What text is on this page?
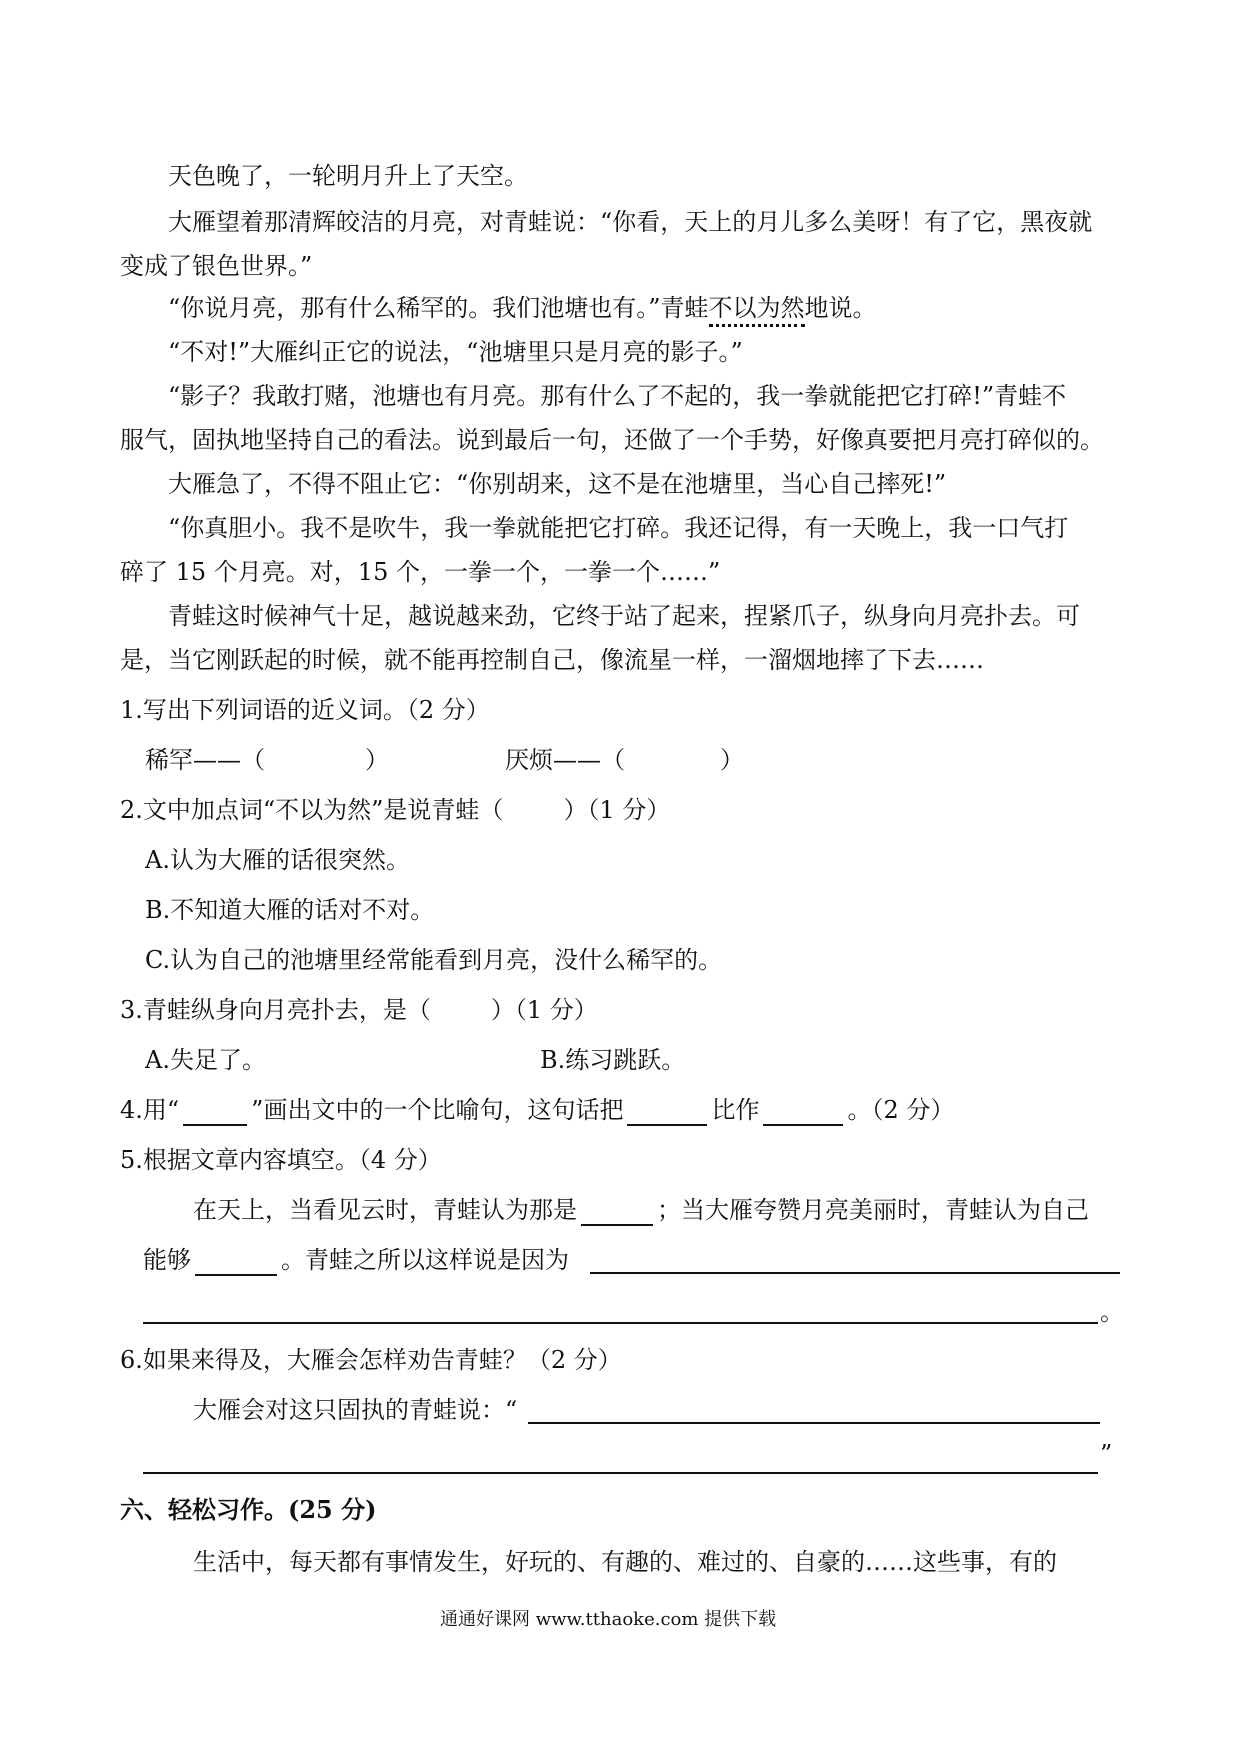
天色晚了，一轮明月升上了天空。

大雁望着那清辉皎洁的月亮，对青蛙说：“你看，天上的月儿多么美呀！有了它，黑夜就

变成了银色世界。”

“你说月亮，那有什么稀罕的。我们池塘也有。”青蛙不以为然地说。

“不对!”大雁纠正它的说法，“池塘里只是月亮的影子。”

“影子？我敢打赌，池塘也有月亮。那有什么了不起的，我一拳就能把它打碎!”青蛙不

服气，固执地坚持自己的看法。说到最后一句，还做了一个手势，好像真要把月亮打碎似的。

大雁急了，不得不阻止它：“你别胡来，这不是在池塘里，当心自己摔死!”

“你真胆小。我不是吹牛，我一拳就能把它打碎。我还记得，有一天晚上，我一口气打

碎了 15 个月亮。对，15 个，一拳一个，一拳一个……”

青蛙这时候神气十足，越说越来劲，它终于站了起来，捏紧爪子，纵身向月亮扑去。可

是，当它刚跃起的时候，就不能再控制自己，像流星一样，一溜烟地摔了下去……

1.写出下列词语的近义词。（2 分）

稀罕——（	）	厌烦——（	）

2.文中加点词“不以为然”是说青蛙（	）（1 分）

A.认为大雁的话很突然。

B.不知道大雁的话对不对。

C.认为自己的池塘里经常能看到月亮，没什么稀罕的。

3.青蛙纵身向月亮扑去，是（	）（1 分）

A.失足了。	B.练习跳跃。

4.用“	”画出文中的一个比喻句，这句话把	比作	。（2 分）

5.根据文章内容填空。（4 分）

在天上，当看见云时，青蛙认为那是	；当大雁夸赞月亮美丽时，青蛙认为自己

能够	。青蛙之所以这样说是因为

。

6.如果来得及，大雁会怎样劝告青蛙？（2 分）

大雁会对这只固执的青蛙说：“

”

六、轻松习作。(25 分)

生活中，每天都有事情发生，好玩的、有趣的、难过的、自豪的……这些事，有的

通通好课网 www.tthaoke.com 提供下载
